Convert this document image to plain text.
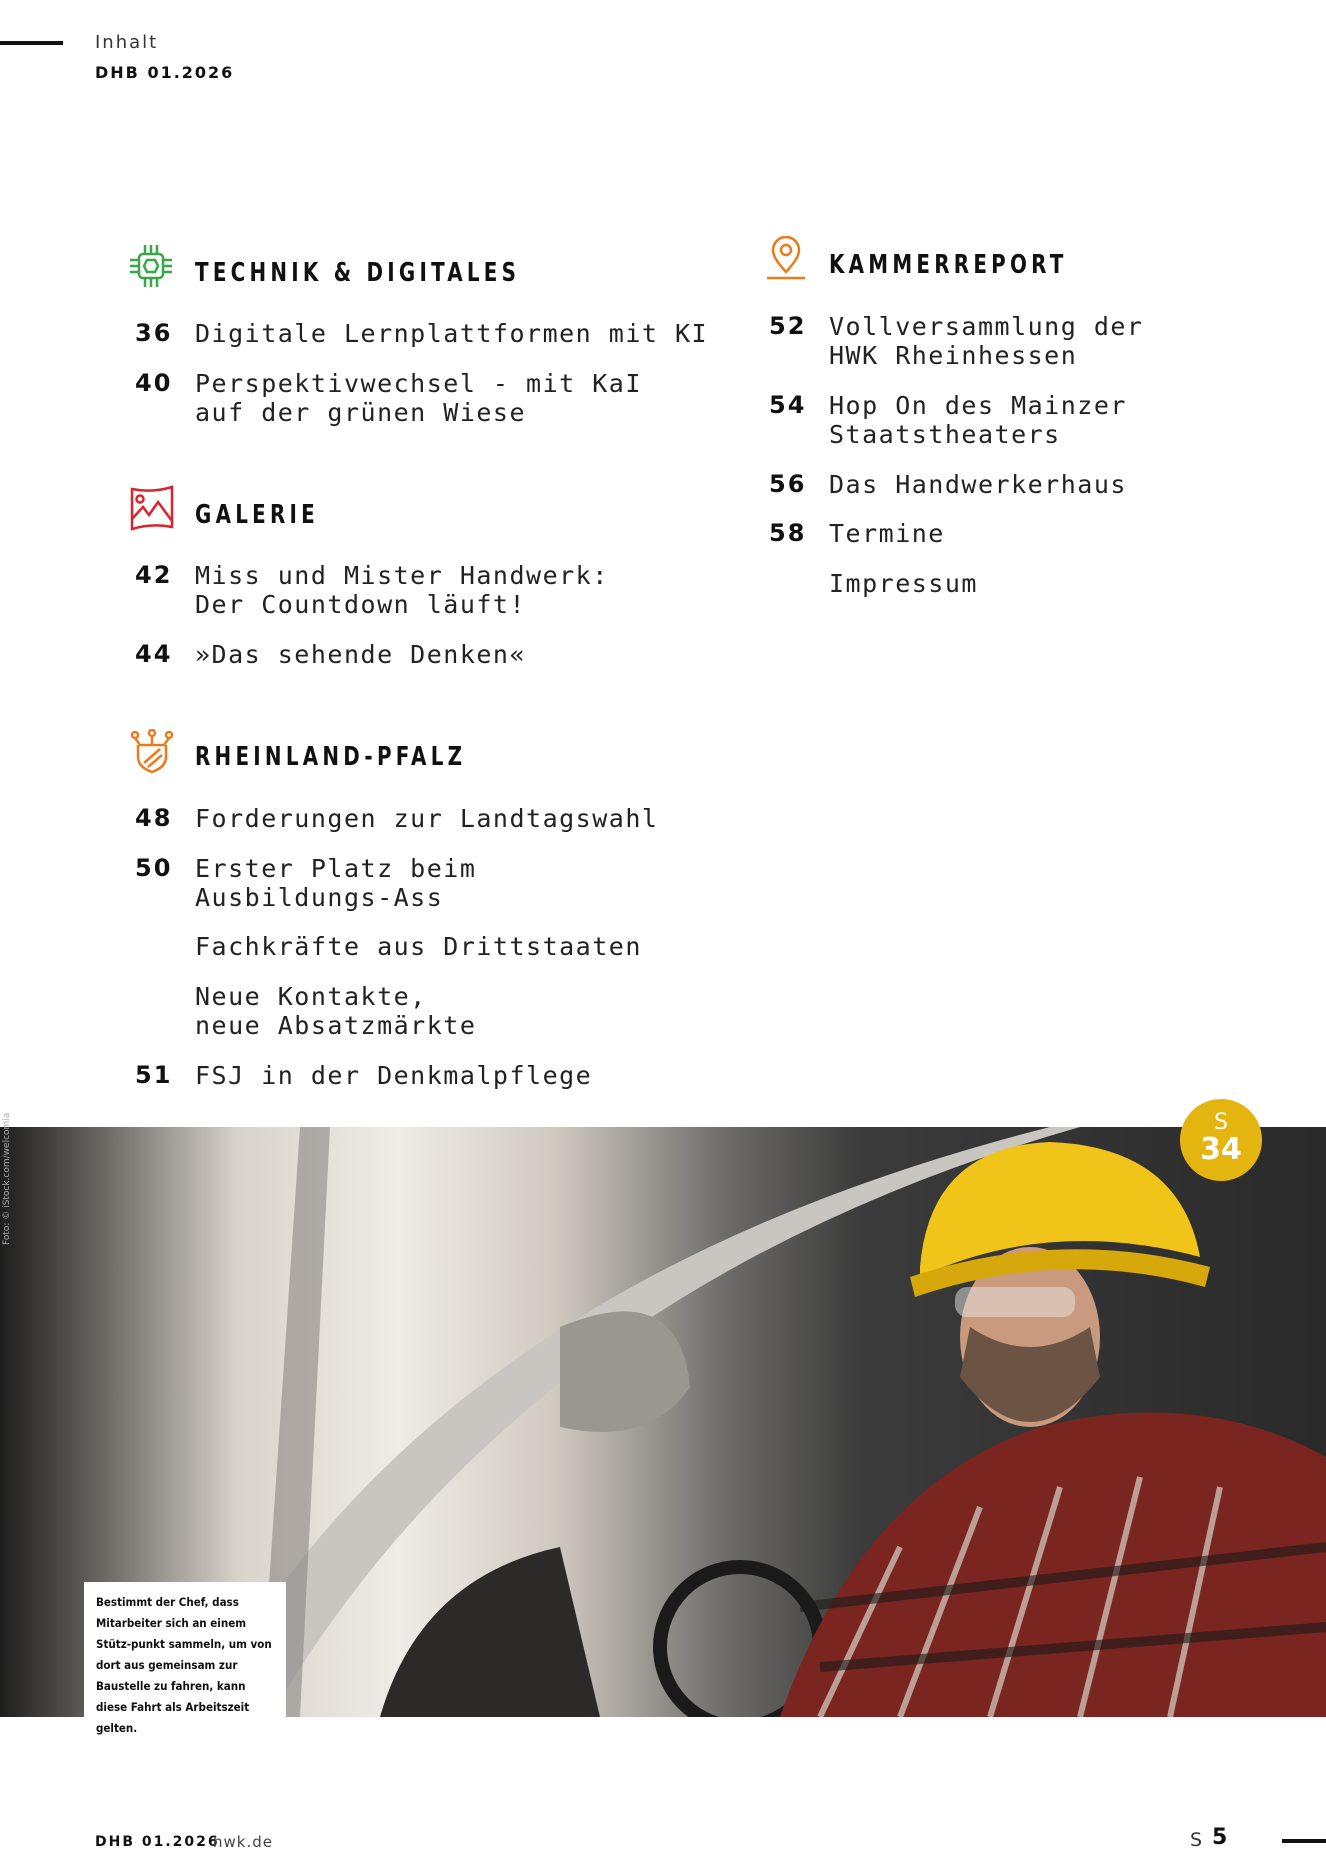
Inhalt
DHB 01.2026
TECHNIK & DIGITALES
36 Digitale Lernplattformen mit KI
40 Perspektivwechsel - mit KaI
auf der grünen Wiese
GALERIE
42 Miss und Mister Handwerk:
Der Countdown läuft!
44 »Das sehende Denken«
RHEINLAND-PFALZ
48 Forderungen zur Landtagswahl
50 Erster Platz beim
Ausbildungs-Ass
Fachkräfte aus Drittstaaten
Neue Kontakte,
neue Absatzmärkte
51 FSJ in der Denkmalpflege
KAMMERREPORT
52 Vollversammlung der
HWK Rheinhessen
54 Hop On des Mainzer
Staatstheaters
56 Das Handwerkerhaus
58 Termine
Impressum
Foto: © iStock.com/welcomia
Bestimmt der Chef, dass Mitarbeiter sich an einem Stütz-punkt sammeln, um von dort aus gemeinsam zur Baustelle zu fahren, kann diese Fahrt als Arbeitszeit gelten.
S
34
DHB 01.2026
hwk.de	S 5
